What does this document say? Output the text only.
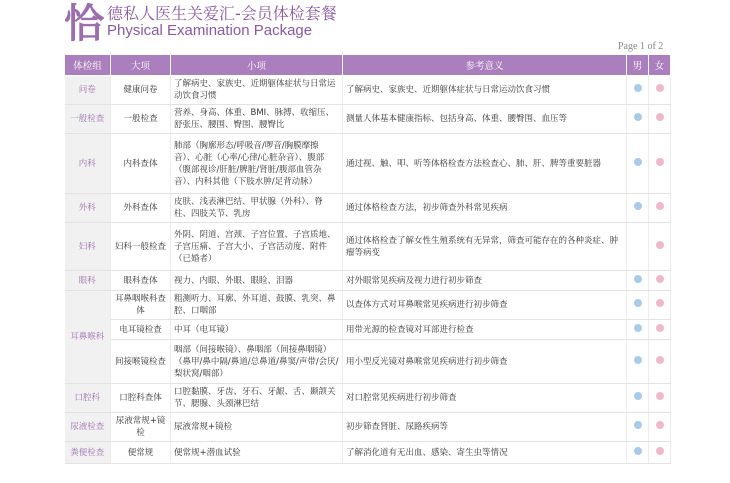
恰 德私人医生关爱汇-会员体检套餐
Physical Examination Package
Page 1 of 2
体检组	大项	小项	参考意义	男	女
问卷	健康问卷	了解病史、家族史、近期躯体症状与日常运动饮食习惯	了解病史、家族史、近期躯体症状与日常运动饮食习惯		
一般检查	一般检查	营养、身高、体重、BMI、脉搏、收缩压、舒张压、腰围、臀围、腰臀比	测量人体基本健康指标、包括身高、体重、腰臀围、血压等		
内科	内科查体	肺部（胸廓形态/呼吸音/啰音/胸膜摩擦音）、心脏（心率/心律/心脏杂音）、腹部（腹部视诊/肝脏/脾脏/肾脏/腹部血管杂音）、内科其他（下肢水肿/足背动脉）	通过视、触、叩、听等体格检查方法检查心、肺、肝、脾等重要脏器		
外科	外科查体	皮肤、浅表淋巴结、甲状腺（外科）、脊柱、四肢关节、乳房	通过体格检查方法，初步筛查外科常见疾病		
妇科	妇科一般检查	外阴、阴道、宫颈、子宫位置、子宫质地、子宫压痛、子宫大小、子宫活动度、附件（已婚者）	通过体格检查了解女性生殖系统有无异常，筛查可能存在的各种炎症、肿瘤等病变		
眼科	眼科查体	视力、内眼、外眼、眼睑、泪器	对外眼常见疾病及视力进行初步筛查		
耳鼻喉科	耳鼻咽喉科查体	粗测听力、耳廓、外耳道、鼓膜、乳突、鼻腔、口咽部	以查体方式对耳鼻喉常见疾病进行初步筛查		
	电耳镜检查	中耳（电耳镜）	用带光源的检查镜对耳部进行检查		
	间接喉镜检查	咽部（间接喉镜）、鼻咽部（间接鼻咽镜）（鼻甲/鼻中隔/鼻道/总鼻道/鼻窦/声带/会厌/梨状窝/咽部）	用小型反光镜对鼻喉常见疾病进行初步筛查		
口腔科	口腔科查体	口腔黏膜、牙齿、牙石、牙龈、舌、颞颌关节、腮腺、头颈淋巴结	对口腔常见疾病进行初步筛查		
尿液检查	尿液常规+镜检	尿液常规+镜检	初步筛查肾脏、尿路疾病等		
粪便检查	便常规	便常规+潜血试验	了解消化道有无出血、感染、寄生虫等情况		
